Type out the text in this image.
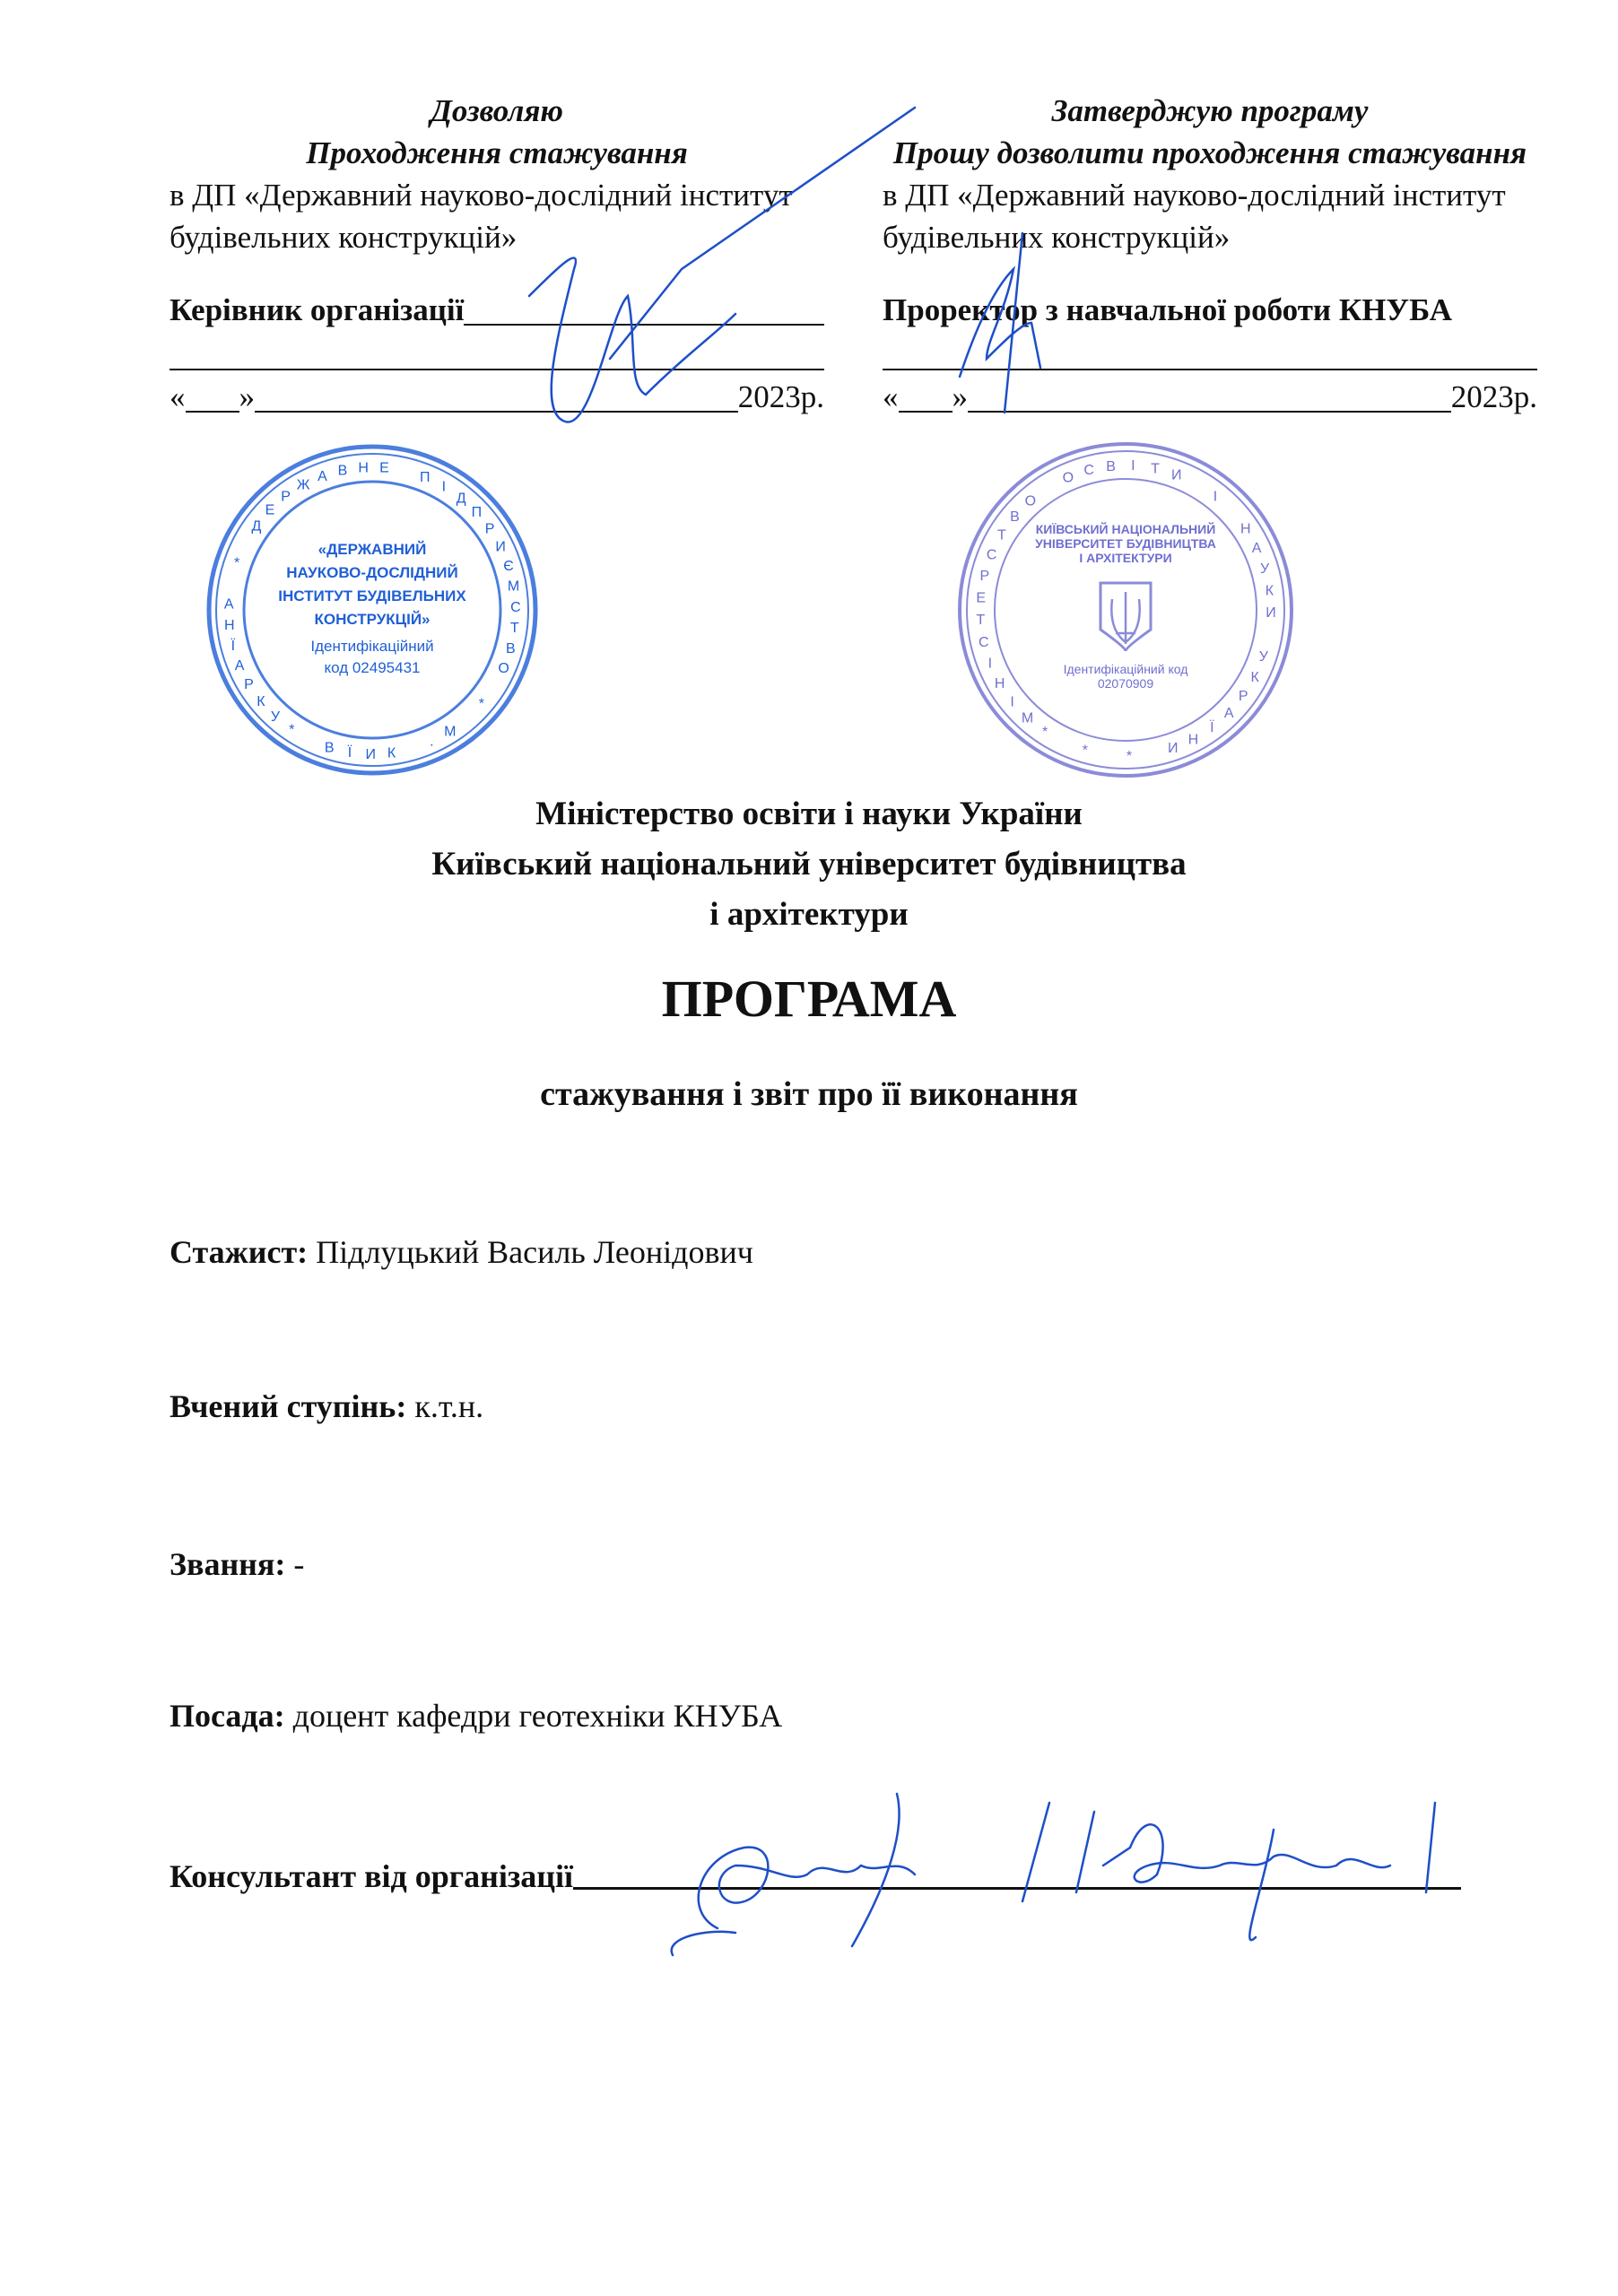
Дозволяю
Проходження стажування
в ДП «Державний науково-дослідний інститут
будівельних конструкцій»
Керівник організації
« »	2023р.
Затверджую програму
Прошу дозволити проходження стажування
в ДП «Державний науково-дослідний інститут
будівельних конструкцій»
Проректор з навчальної роботи КНУБА
« »	2023р.
Міністерство освіти і науки України
Київський національний університет будівництва
і архітектури
ПРОГРАМА
стажування і звіт про її виконання
Стажист: Підлуцький Василь Леонідович
Вчений ступінь: к.т.н.
Звання: -
Посада: доцент кафедри геотехніки КНУБА
Консультант від організації
У
К
Р
А
Ї
Н
А
*
Д
Е
Р
Ж
А В Н Е
П
І
Д
П
Р
И
Є
М
С
Т
В
О
*
М
.
К
И
Ї
В
*
«ДЕРЖАВНИЙ
НАУКОВО-ДОСЛІДНИЙ
ІНСТИТУТ БУДІВЕЛЬНИХ
КОНСТРУКЦІЙ»
Ідентифікаційний
код 02495431
М
І
Н
І
С
Т
Е
Р
С
Т
В
О
О С В І Т И
І
Н
А
У
К
И
У
К
Р
А
Ї
Н
И
*
*
*
КИЇВСЬКИЙ НАЦІОНАЛЬНИЙ УНІВЕРСИТЕТ БУДІВНИЦТВА І АРХІТЕКТУРИ
Ідентифікаційний код 02070909
